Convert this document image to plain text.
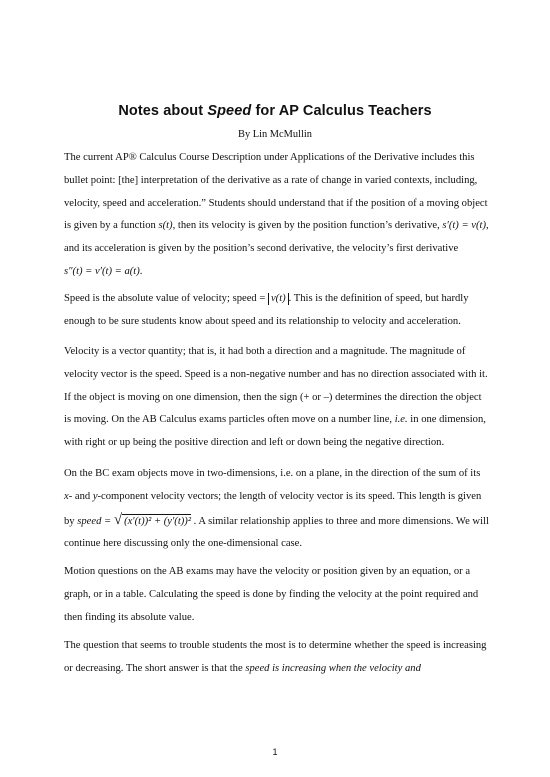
Notes about Speed for AP Calculus Teachers
By Lin McMullin

The current AP® Calculus Course Description under Applications of the Derivative includes this bullet point: [the] interpretation of the derivative as a rate of change in varied contexts, including, velocity, speed and acceleration.” Students should understand that if the position of a moving object is given by a function s(t), then its velocity is given by the position function’s derivative, s′(t) = v(t), and its acceleration is given by the position’s second derivative, the velocity’s first derivative s″(t) = v′(t) = a(t).

Speed is the absolute value of velocity; speed = v(t) . This is the definition of speed, but hardly enough to be sure students know about speed and its relationship to velocity and acceleration.

Velocity is a vector quantity; that is, it had both a direction and a magnitude. The magnitude of velocity vector is the speed. Speed is a non-negative number and has no direction associated with it. If the object is moving on one dimension, then the sign (+ or –) determines the direction the object is moving. On the AB Calculus exams particles often move on a number line, i.e. in one dimension, with right or up being the positive direction and left or down being the negative direction.

On the BC exam objects move in two-dimensions, i.e. on a plane, in the direction of the sum of its x- and y-component velocity vectors; the length of velocity vector is its speed. This length is given by speed = √ (x′(t))² + (y′(t))² . A similar relationship applies to three and more dimensions. We will continue here discussing only the one-dimensional case.

Motion questions on the AB exams may have the velocity or position given by an equation, or a graph, or in a table. Calculating the speed is done by finding the velocity at the point required and then finding its absolute value.

The question that seems to trouble students the most is to determine whether the speed is increasing or decreasing. The short answer is that the speed is increasing when the velocity and

1
